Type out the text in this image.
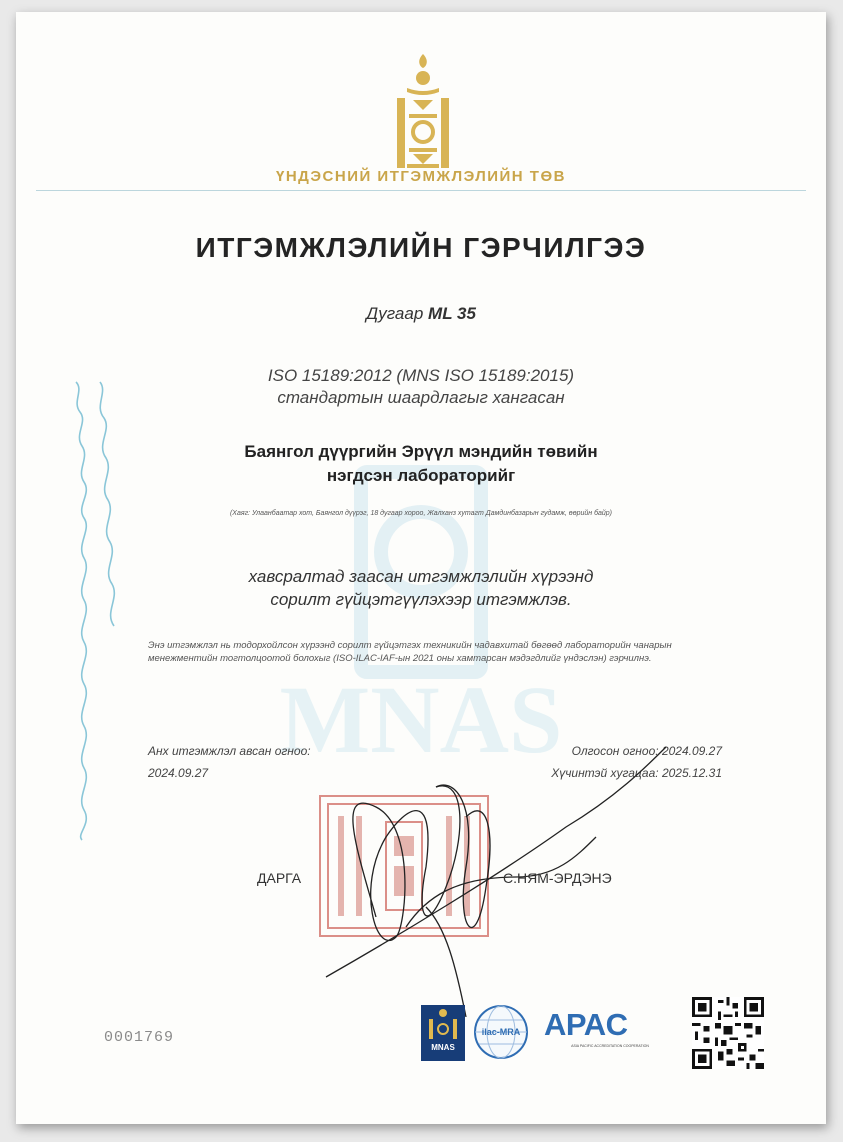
MNAS
ҮНДЭСНИЙ ИТГЭМЖЛЭЛИЙН ТӨВ
ИТГЭМЖЛЭЛИЙН ГЭРЧИЛГЭЭ
Дугаар ML 35
ISO 15189:2012 (MNS ISO 15189:2015)
стандартын шаардлагыг хангасан
Баянгол дүүргийн Эрүүл мэндийн төвийн
нэгдсэн лабораторийг
(Хаяг: Улаанбаатар хот, Баянгол дүүрэг, 18 дугаар хороо, Жалханз хутагт Дамдинбазарын гудамж, өөрийн байр)
хавсралтад заасан итгэмжлэлийн хүрээнд
сорилт гүйцэтгүүлэхээр итгэмжлэв.
Энэ итгэмжлэл нь тодорхойлсон хүрээнд сорилт гүйцэтгэх техникийн чадавхитай бөгөөд лабораторийн чанарын менежментийн тогтолцоотой болохыг (ISO-ILAC-IAF-ын 2021 оны хамтарсан мэдэгдлийг үндэслэн) гэрчилнэ.
Анх итгэмжлэл авсан огноо:
2024.09.27
Олгосон огноо: 2024.09.27
Хүчинтэй хугацаа: 2025.12.31
ДАРГА	С.НЯМ-ЭРДЭНЭ
0001769
MNAS
ilac-MRA APAC
ASIA PACIFIC ACCREDITATION COOPERATION
